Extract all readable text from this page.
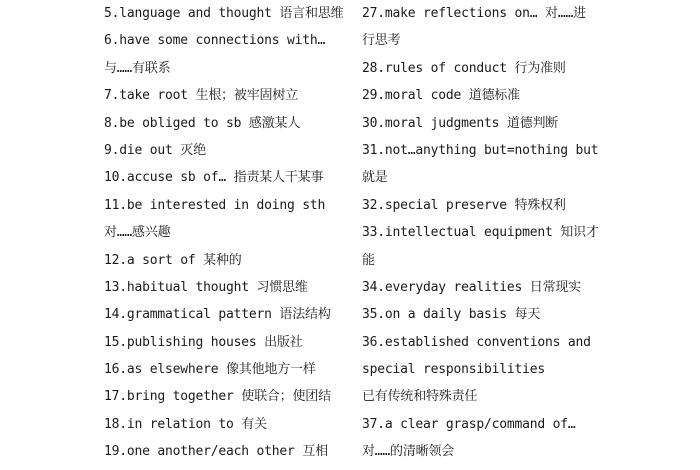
5.language and thought 语言和思维
6.have some connections with…
与……有联系
7.take root 生根；被牢固树立
8.be obliged to sb 感激某人
9.die out 灭绝
10.accuse sb of… 指责某人干某事
11.be interested in doing sth
对……感兴趣
12.a sort of 某种的
13.habitual thought 习惯思维
14.grammatical pattern 语法结构
15.publishing houses 出版社
16.as elsewhere 像其他地方一样
17.bring together 使联合；使团结
18.in relation to 有关
19.one another/each other 互相
27.make reflections on… 对……进
行思考
28.rules of conduct 行为准则
29.moral code 道德标准
30.moral judgments 道德判断
31.not…anything but=nothing but
就是
32.special preserve 特殊权利
33.intellectual equipment 知识才
能
34.everyday realities 日常现实
35.on a daily basis 每天
36.established conventions and
special responsibilities
已有传统和特殊责任
37.a clear grasp/command of…
对……的清晰领会
